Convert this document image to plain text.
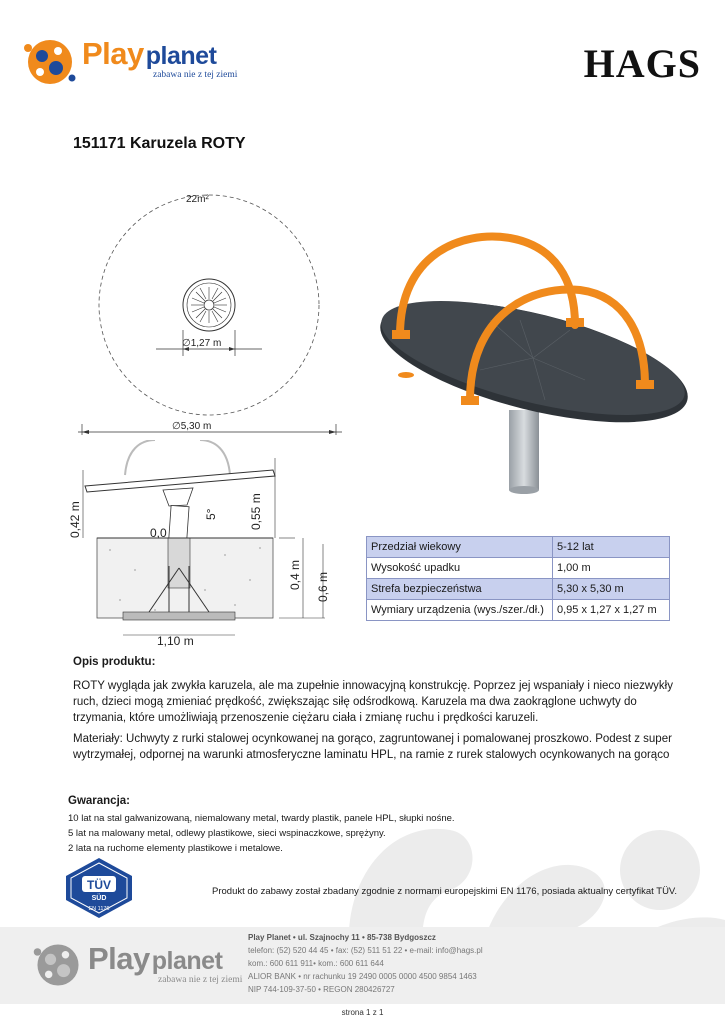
Playplanet
zabawa nie z tej ziemi	HAGS
151171 Karuzela ROTY
22m²
∅1,27 m
∅5,30 m
0,42 m	0,55 m
5°
0,0
0,4 m 0,6 m
1,10 m
Przedział wiekowy	5-12 lat
Wysokość upadku	1,00 m
Strefa bezpieczeństwa	5,30 x 5,30 m
Wymiary urządzenia (wys./szer./dł.)	0,95 x 1,27 x 1,27 m
Opis produktu:
ROTY wygląda jak zwykła karuzela, ale ma zupełnie innowacyjną konstrukcję. Poprzez jej wspaniały i nieco niezwykły ruch, dzieci mogą zmieniać prędkość, zwiększając siłę odśrodkową. Karuzela ma dwa zaokrąglone uchwyty do trzymania, które umożliwiają przenoszenie ciężaru ciała i zmianę ruchu i prędkości karuzeli.
Materiały: Uchwyty z rurki stalowej ocynkowanej na gorąco, zagruntowanej i pomalowanej proszkowo. Podest z super wytrzymałej, odpornej na warunki atmosferyczne laminatu HPL, na ramie z rurek stalowych ocynkowanych na gorąco
Gwarancja:
10 lat na stal galwanizowaną, niemalowany metal, twardy plastik, panele HPL, słupki nośne.
5 lat na malowany metal, odlewy plastikowe, sieci wspinaczkowe, sprężyny.
2 lata na ruchome elementy plastikowe i metalowe.
TÜV
SÜD
EN 1176
Produkt do zabawy został zbadany zgodnie z normami europejskimi EN 1176, posiada aktualny certyfikat TÜV.
Playplanet
zabawa nie z tej ziemi
Play Planet • ul. Szajnochy 11 • 85-738 Bydgoszcz
telefon: (52) 520 44 45 • fax: (52) 511 51 22 • e-mail: info@hags.pl
kom.: 600 611 911• kom.: 600 611 644
ALIOR BANK • nr rachunku 19 2490 0005 0000 4500 9854 1463
NIP 744-109-37-50 • REGON 280426727
strona 1 z 1
